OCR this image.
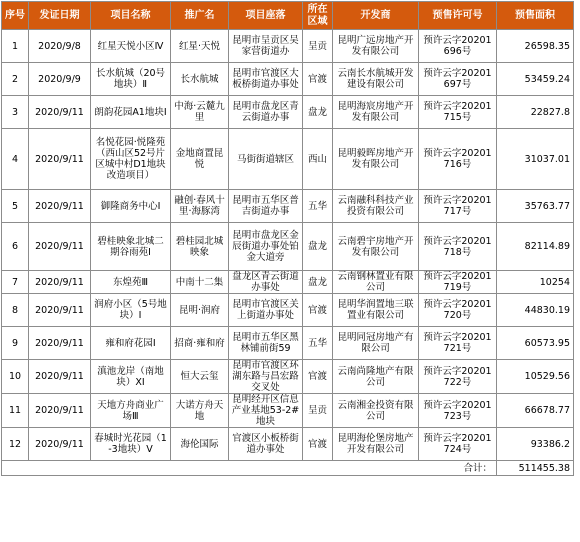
序号	发证日期	项目名称	推广名	项目座落	所在区域	开发商	预售许可号	预售面积
1	2020/9/8	红星天悦小区Ⅳ	红星·天悦	昆明市呈贡区吴家营街道办	呈贡	昆明广远房地产开发有限公司	预许云字20201696号	26598.35
2	2020/9/9	长水航城（20号地块）Ⅱ	长水航城	昆明市官渡区大板桥街道办事处	官渡	云南长水航城开发建设有限公司	预许云字20201697号	53459.24
3	2020/9/11	朗韵花园A1地块Ⅰ	中海·云麓九里	昆明市盘龙区青云街道办事	盘龙	昆明海宸房地产开发有限公司	预许云字20201715号	22827.8
4	2020/9/11	名悦花园·悦隆苑（西山区52号片区城中村D1地块改造项目）	金地商置昆悦	马街街道辖区	西山	昆明毅晖房地产开发有限公司	预许云字20201716号	31037.01
5	2020/9/11	御隆商务中心Ⅰ	融创·春风十里·海豚湾	昆明市五华区普吉街道办事	五华	云南融科科技产业投资有限公司	预许云字20201717号	35763.77
6	2020/9/11	碧桂映象北城二期谷雨苑Ⅰ	碧桂园北城映象	昆明市盘龙区金辰街道办事处铂金大道旁	盘龙	云南碧宇房地产开发有限公司	预许云字20201718号	82114.89
7	2020/9/11	东煌苑Ⅲ	中南十二集	盘龙区青云街道办事处	盘龙	云南钢林置业有限公司	预许云字20201719号	10254
8	2020/9/11	润府小区（5号地块）Ⅰ	昆明·润府	昆明市官渡区关上街道办事处	官渡	昆明华润置地三联置业有限公司	预许云字20201720号	44830.19
9	2020/9/11	雍和府花园Ⅰ	招商·雍和府	昆明市五华区黑林铺前街59	五华	昆明同冠房地产有限公司	预许云字20201721号	60573.95
10	2020/9/11	滇池龙岸（南地块）XⅠ	恒大云玺	昆明市官渡区环湖东路与昌宏路交叉处	官渡	云南尚隆地产有限公司	预许云字20201722号	10529.56
11	2020/9/11	天地方舟商业广场Ⅲ	大诺方舟天地	昆明经开区信息产业基地53-2#地块	呈贡	云南湘金投资有限公司	预许云字20201723号	66678.77
12	2020/9/11	春城时光花园（1-3地块）Ⅴ	海伦国际	官渡区小板桥街道办事处	官渡	昆明海伦堡房地产开发有限公司	预许云字20201724号	93386.2
合计：								511455.38
